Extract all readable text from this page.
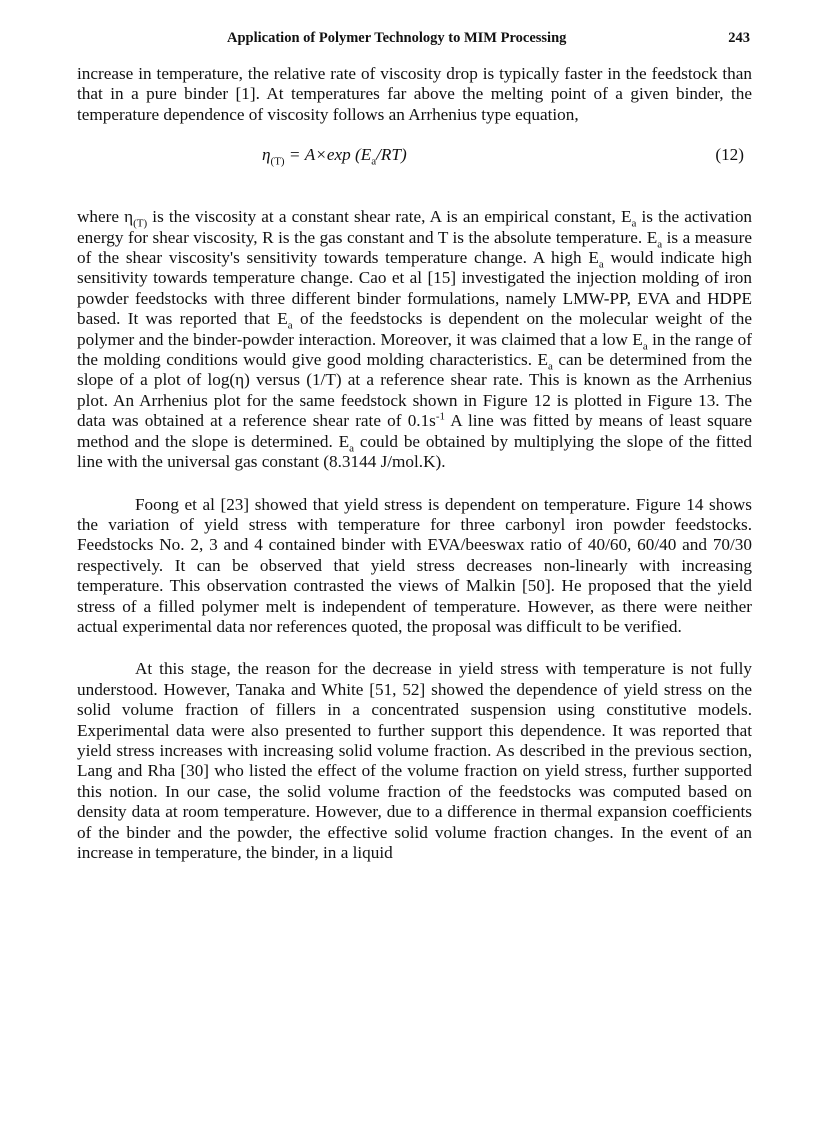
Application of Polymer Technology to MIM Processing	243

increase in temperature, the relative rate of viscosity drop is typically faster in the feedstock than that in a pure binder [1]. At temperatures far above the melting point of a given binder, the temperature dependence of viscosity follows an Arrhenius type equation,

$\eta_{(T)} = A\times\exp$ $(E_a/RT)$	(12)

where $\eta_{(T)}$ is the viscosity at a constant shear rate, A is an empirical constant, $E_a$ is the activation energy for shear viscosity, R is the gas constant and T is the absolute temperature. $E_a$ is a measure of the shear viscosity's sensitivity towards temperature change. A high $E_a$ would indicate high sensitivity towards temperature change. Cao et al [15] investigated the injection molding of iron powder feedstocks with three different binder formulations, namely LMW-PP, EVA and HDPE based. It was reported that $E_a$ of the feedstocks is dependent on the molecular weight of the polymer and the binder-powder interaction. Moreover, it was claimed that a low $E_a$ in the range of the molding conditions would give good molding characteristics. $E_a$ can be determined from the slope of a plot of log(η) versus (1/T) at a reference shear rate. This is known as the Arrhenius plot. An Arrhenius plot for the same feedstock shown in Figure 12 is plotted in Figure 13. The data was obtained at a reference shear rate of $0.1s^{-1}$ A line was fitted by means of least square method and the slope is determined. $E_a$ could be obtained by multiplying the slope of the fitted line with the universal gas constant (8.3144 J/mol.K).

Foong et al [23] showed that yield stress is dependent on temperature. Figure 14 shows the variation of yield stress with temperature for three carbonyl iron powder feedstocks. Feedstocks No. 2, 3 and 4 contained binder with EVA/beeswax ratio of 40/60, 60/40 and 70/30 respectively. It can be observed that yield stress decreases non-linearly with increasing temperature. This observation contrasted the views of Malkin [50]. He proposed that the yield stress of a filled polymer melt is independent of temperature. However, as there were neither actual experimental data nor references quoted, the proposal was difficult to be verified.

At this stage, the reason for the decrease in yield stress with temperature is not fully understood. However, Tanaka and White [51, 52] showed the dependence of yield stress on the solid volume fraction of fillers in a concentrated suspension using constitutive models. Experimental data were also presented to further support this dependence. It was reported that yield stress increases with increasing solid volume fraction. As described in the previous section, Lang and Rha [30] who listed the effect of the volume fraction on yield stress, further supported this notion. In our case, the solid volume fraction of the feedstocks was computed based on density data at room temperature. However, due to a difference in thermal expansion coefficients of the binder and the powder, the effective solid volume fraction changes. In the event of an increase in temperature, the binder, in a liquid
